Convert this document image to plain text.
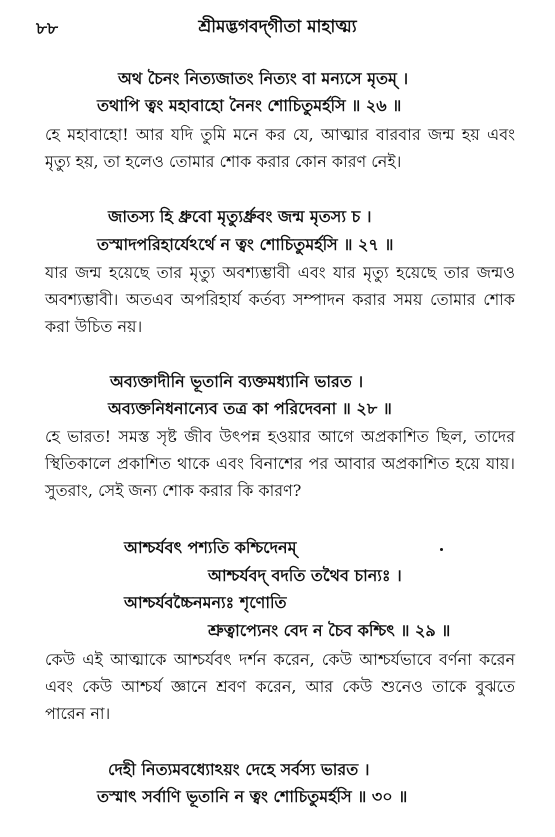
৮৮	শ্রীমদ্ভগবদ্‌গীতা মাহাত্ম্য
অথ চৈনং নিত্যজাতং নিত্যং বা মন্যসে মৃতম্‌ ।
তথাপি ত্বং মহাবাহো নৈনং শোচিতুমর্হসি ॥ ২৬ ॥
হে মহাবাহো! আর যদি তুমি মনে কর যে, আত্মার বারবার জন্ম হয় এবং
মৃত্যু হয়, তা হলেও তোমার শোক করার কোন কারণ নেই।
জাতস্য হি ধ্রুবো মৃত্যুর্ধ্রুবং জন্ম মৃতস্য চ ।
তস্মাদপরিহার্যেঽর্থে ন ত্বং শোচিতুমর্হসি ॥ ২৭ ॥
যার জন্ম হয়েছে তার মৃত্যু অবশ্যম্ভাবী এবং যার মৃত্যু হয়েছে তার জন্মও
অবশ্যম্ভাবী। অতএব অপরিহার্য কর্তব্য সম্পাদন করার সময় তোমার শোক
করা উচিত নয়।
অব্যক্তাদীনি ভূতানি ব্যক্তমধ্যানি ভারত ।
অব্যক্তনিধনান্যেব তত্র কা পরিদেবনা ॥ ২৮ ॥
হে ভারত! সমস্ত সৃষ্ট জীব উৎপন্ন হওয়ার আগে অপ্রকাশিত ছিল, তাদের
স্থিতিকালে প্রকাশিত থাকে এবং বিনাশের পর আবার অপ্রকাশিত হয়ে যায়।
সুতরাং, সেই জন্য শোক করার কি কারণ?
আশ্চর্যবৎ পশ্যতি কশ্চিদেনম্‌
আশ্চর্যবদ্‌ বদতি তথৈব চান্যঃ ।
আশ্চর্যবচ্চৈনমন্যঃ শৃণোতি
শ্রুত্বাপ্যেনং বেদ ন চৈব কশ্চিৎ ॥ ২৯ ॥
কেউ এই আত্মাকে আশ্চর্যবৎ দর্শন করেন, কেউ আশ্চর্যভাবে বর্ণনা করেন
এবং কেউ আশ্চর্য জ্ঞানে শ্রবণ করেন, আর কেউ শুনেও তাকে বুঝতে
পারেন না।
দেহী নিত্যমবধ্যোঽয়ং দেহে সর্বস্য ভারত ।
তস্মাৎ সর্বাণি ভূতানি ন ত্বং শোচিতুমর্হসি ॥ ৩০ ॥
